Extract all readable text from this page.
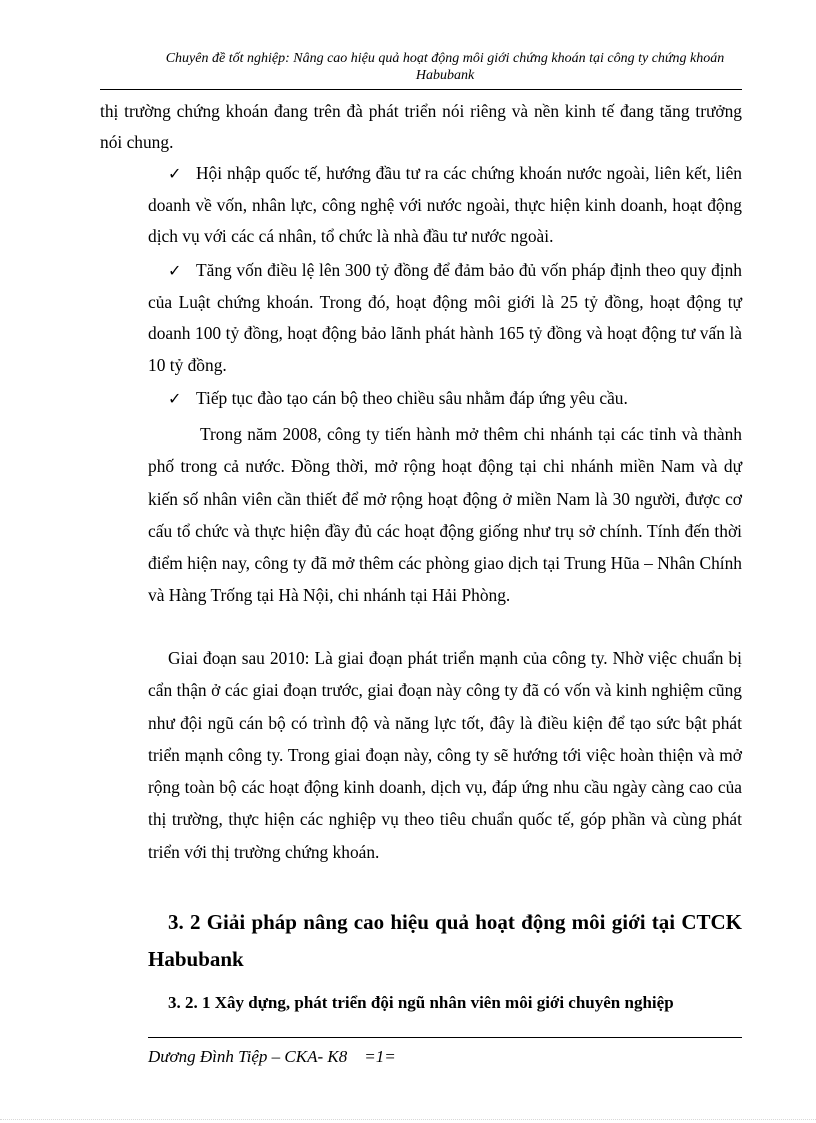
Chuyên đề tốt nghiệp: Nâng cao hiệu quả hoạt động môi giới chứng khoán tại công ty chứng khoán Habubank
thị trường chứng khoán đang trên đà phát triển nói riêng và nền kinh tế đang tăng trưởng nói chung.
✓ Hội nhập quốc tế, hướng đầu tư ra các chứng khoán nước ngoài, liên kết, liên doanh về vốn, nhân lực, công nghệ với nước ngoài, thực hiện kinh doanh, hoạt động dịch vụ với các cá nhân, tổ chức là nhà đầu tư nước ngoài.
✓ Tăng vốn điều lệ lên 300 tỷ đồng để đảm bảo đủ vốn pháp định theo quy định của Luật chứng khoán. Trong đó, hoạt động môi giới là 25 tỷ đồng, hoạt động tự doanh 100 tỷ đồng, hoạt động bảo lãnh phát hành 165 tỷ đồng và hoạt động tư vấn là 10 tỷ đồng.
✓ Tiếp tục đào tạo cán bộ theo chiều sâu nhằm đáp ứng yêu cầu.
Trong năm 2008, công ty tiến hành mở thêm chi nhánh tại các tỉnh và thành phố trong cả nước. Đồng thời, mở rộng hoạt động tại chi nhánh miền Nam và dự kiến số nhân viên cần thiết để mở rộng hoạt động ở miền Nam là 30 người, được cơ cấu tổ chức và thực hiện đầy đủ các hoạt động giống như trụ sở chính. Tính đến thời điểm hiện nay, công ty đã mở thêm các phòng giao dịch tại Trung Hũa – Nhân Chính và Hàng Trống tại Hà Nội, chi nhánh tại Hải Phòng.
Giai đoạn sau 2010: Là giai đoạn phát triển mạnh của công ty. Nhờ việc chuẩn bị cẩn thận ở các giai đoạn trước, giai đoạn này công ty đã có vốn và kinh nghiệm cũng như đội ngũ cán bộ có trình độ và năng lực tốt, đây là điều kiện để tạo sức bật phát triển mạnh công ty. Trong giai đoạn này, công ty sẽ hướng tới việc hoàn thiện và mở rộng toàn bộ các hoạt động kinh doanh, dịch vụ, đáp ứng nhu cầu ngày càng cao của thị trường, thực hiện các nghiệp vụ theo tiêu chuẩn quốc tế, góp phần và cùng phát triển với thị trường chứng khoán.
3. 2 Giải pháp nâng cao hiệu quả hoạt động môi giới tại CTCK Habubank
3. 2. 1 Xây dựng, phát triển đội ngũ nhân viên môi giới chuyên nghiệp
Dương Đình Tiệp – CKA- K8 =1=
